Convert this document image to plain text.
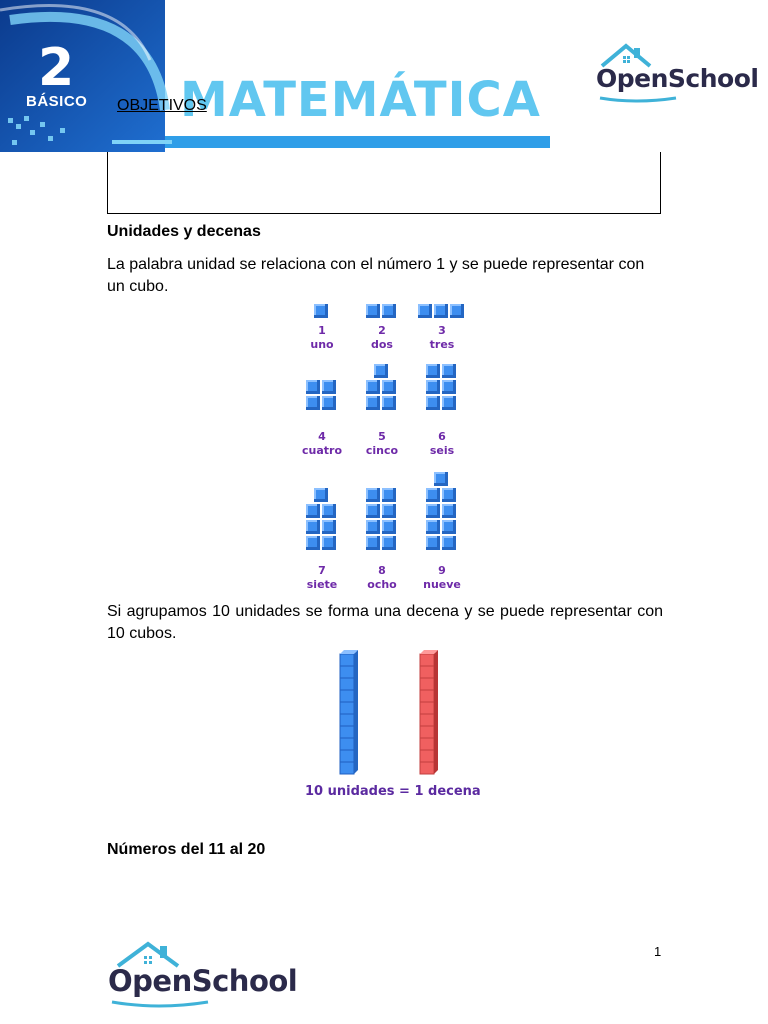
2
BÁSICO MATEMÁTICA
OBJETIVOS
OpenSchool
Unidades y decenas
La palabra unidad se relaciona con el número 1 y se puede representar con un cubo.
1
uno
2
dos
3
tres
4
cuatro
5
cinco
6
seis
7
siete
8
ocho
9
nueve
Si agrupamos 10 unidades se forma una decena y se puede representar con 10 cubos.
10 unidades = 1 decena
Números del 11 al 20
OpenSchool
1
